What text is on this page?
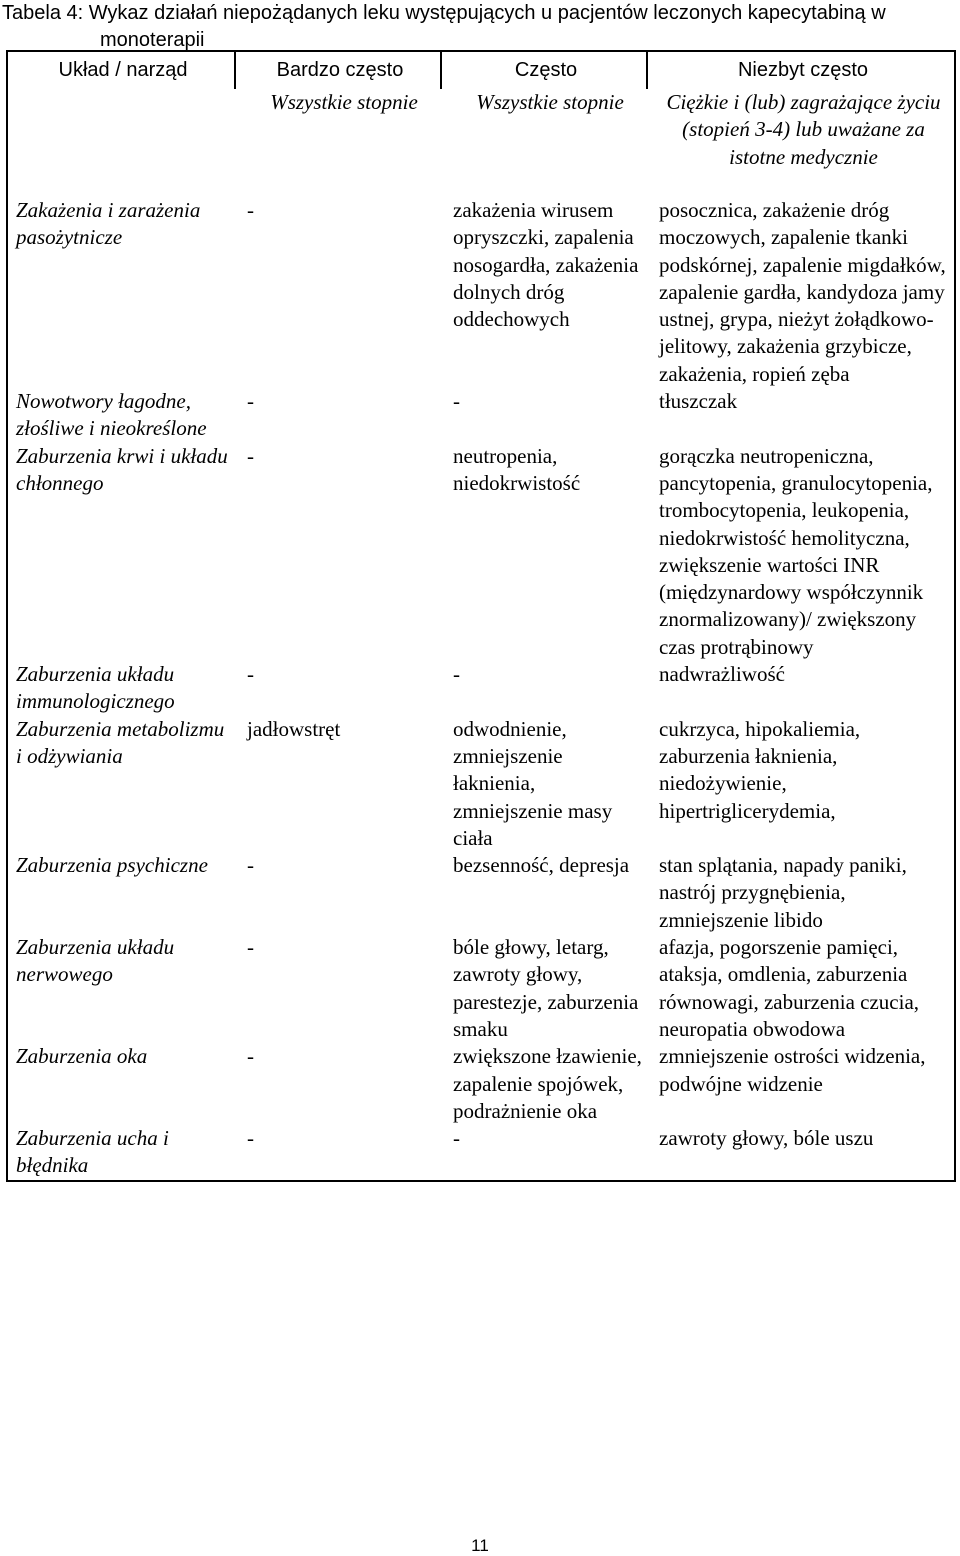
Tabela 4: Wykaz działań niepożądanych leku występujących u pacjentów leczonych kapecytabiną w
monoterapii
Układ / narząd	Bardzo często	Często	Niezbyt często
	Wszystkie stopnie	Wszystkie stopnie	Ciężkie i (lub) zagrażające życiu (stopień 3-4) lub uważane za istotne medycznie
Zakażenia i zarażenia pasożytnicze	-	zakażenia wirusem opryszczki, zapalenia nosogardła, zakażenia dolnych dróg oddechowych	posocznica, zakażenie dróg moczowych, zapalenie tkanki podskórnej, zapalenie migdałków, zapalenie gardła, kandydoza jamy ustnej, grypa, nieżyt żołądkowo-jelitowy, zakażenia grzybicze, zakażenia, ropień zęba
Nowotwory łagodne, złośliwe i nieokreślone	-	-	tłuszczak
Zaburzenia krwi i układu chłonnego	-	neutropenia, niedokrwistość	gorączka neutropeniczna, pancytopenia, granulocytopenia, trombocytopenia, leukopenia, niedokrwistość hemolityczna, zwiększenie wartości INR (międzynardowy współczynnik znormalizowany)/ zwiększony czas protrąbinowy
Zaburzenia układu immunologicznego	-	-	nadwrażliwość
Zaburzenia metabolizmu i odżywiania	jadłowstręt	odwodnienie, zmniejszenie łaknienia, zmniejszenie masy ciała	cukrzyca, hipokaliemia, zaburzenia łaknienia, niedożywienie, hipertriglicerydemia,
Zaburzenia psychiczne	-	bezsenność, depresja	stan splątania, napady paniki, nastrój przygnębienia, zmniejszenie libido
Zaburzenia układu nerwowego	-	bóle głowy, letarg, zawroty głowy, parestezje, zaburzenia smaku	afazja, pogorszenie pamięci, ataksja, omdlenia, zaburzenia równowagi, zaburzenia czucia, neuropatia obwodowa
Zaburzenia oka	-	zwiększone łzawienie, zapalenie spojówek, podrażnienie oka	zmniejszenie ostrości widzenia, podwójne widzenie
Zaburzenia ucha i błędnika	-	-	zawroty głowy, bóle uszu
11
